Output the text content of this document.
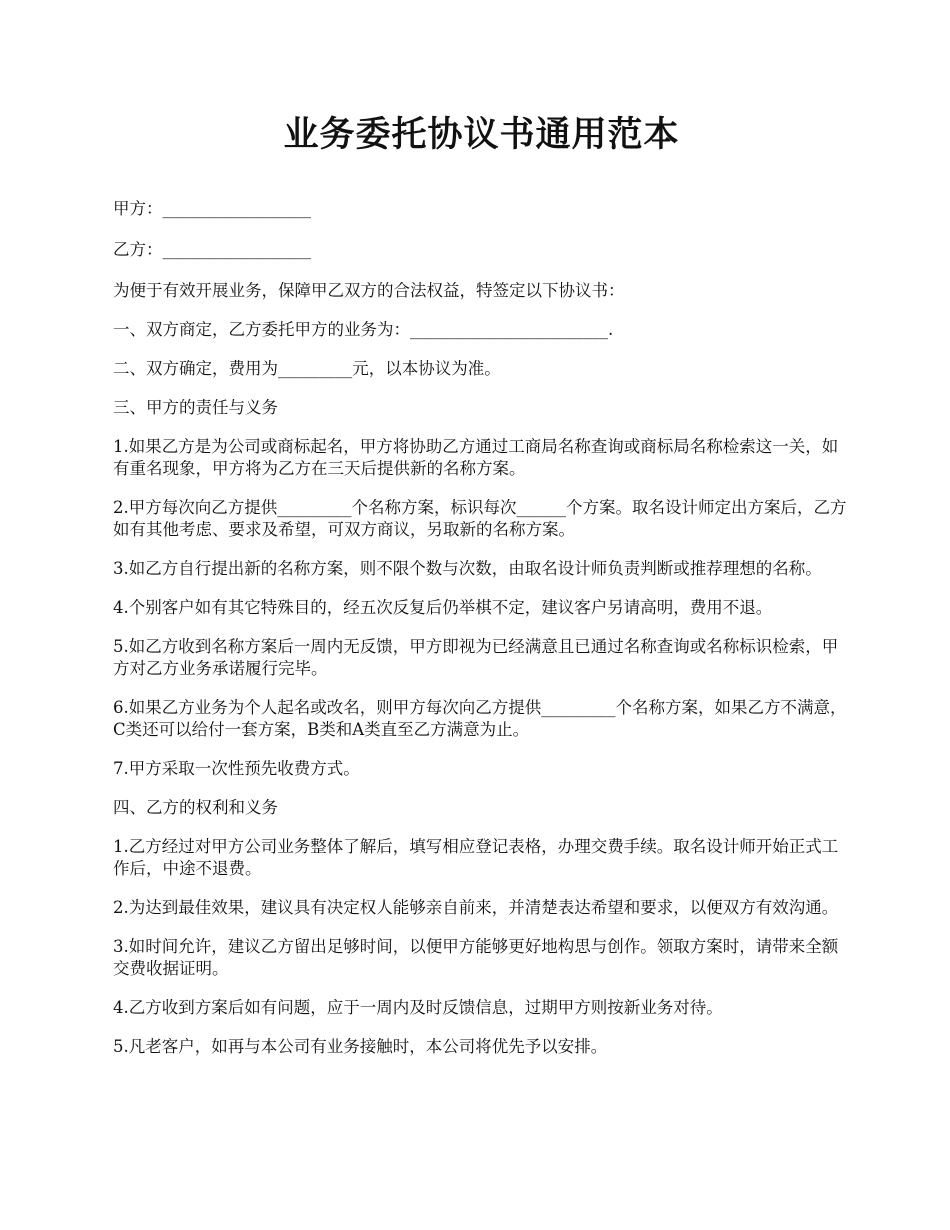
业务委托协议书通用范本

甲方：__________________

乙方：__________________

为便于有效开展业务，保障甲乙双方的合法权益，特签定以下协议书：

一、双方商定，乙方委托甲方的业务为：________________________.

二、双方确定，费用为_________元，以本协议为准。

三、甲方的责任与义务

1.如果乙方是为公司或商标起名，甲方将协助乙方通过工商局名称查询或商标局名称检索这一关，如有重名现象，甲方将为乙方在三天后提供新的名称方案。

2.甲方每次向乙方提供_________个名称方案，标识每次______个方案。取名设计师定出方案后，乙方如有其他考虑、要求及希望，可双方商议，另取新的名称方案。

3.如乙方自行提出新的名称方案，则不限个数与次数，由取名设计师负责判断或推荐理想的名称。

4.个别客户如有其它特殊目的，经五次反复后仍举棋不定，建议客户另请高明，费用不退。

5.如乙方收到名称方案后一周内无反馈，甲方即视为已经满意且已通过名称查询或名称标识检索，甲方对乙方业务承诺履行完毕。

6.如果乙方业务为个人起名或改名，则甲方每次向乙方提供_________个名称方案，如果乙方不满意，C类还可以给付一套方案，B类和A类直至乙方满意为止。

7.甲方采取一次性预先收费方式。

四、乙方的权利和义务

1.乙方经过对甲方公司业务整体了解后，填写相应登记表格，办理交费手续。取名设计师开始正式工作后，中途不退费。

2.为达到最佳效果，建议具有决定权人能够亲自前来，并清楚表达希望和要求，以便双方有效沟通。

3.如时间允许，建议乙方留出足够时间，以便甲方能够更好地构思与创作。领取方案时，请带来全额交费收据证明。

4.乙方收到方案后如有问题，应于一周内及时反馈信息，过期甲方则按新业务对待。

5.凡老客户，如再与本公司有业务接触时，本公司将优先予以安排。
